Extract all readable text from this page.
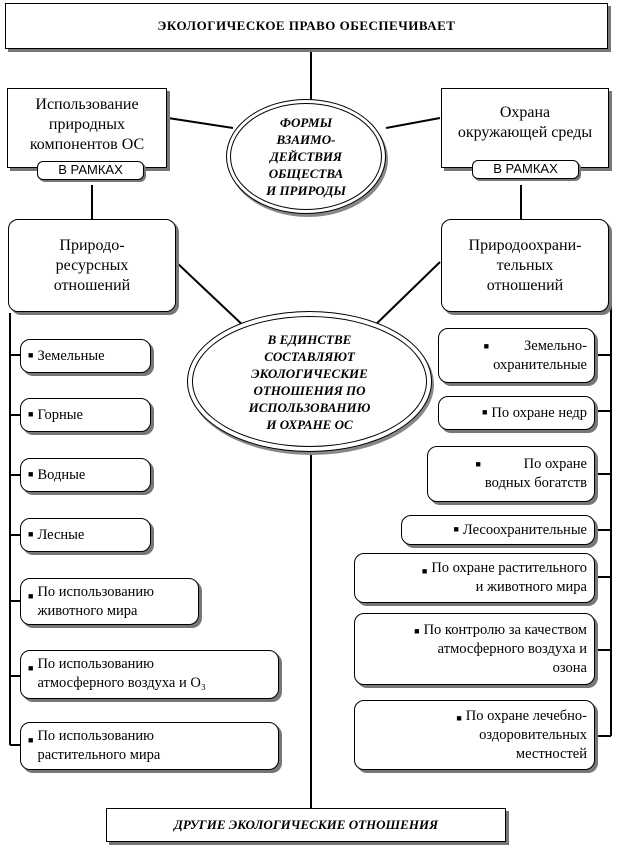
ЭКОЛОГИЧЕСКОЕ ПРАВО ОБЕСПЕЧИВАЕТ
Использование
природных
компонентов ОС
В РАМКАХ
Охрана
окружающей среды
В РАМКАХ
ФОРМЫ
ВЗАИМО-
ДЕЙСТВИЯ
ОБЩЕСТВА
И ПРИРОДЫ
Природо-
ресурсных
отношений
Природоохрани-
тельных
отношений
В ЕДИНСТВЕ
СОСТАВЛЯЮТ
ЭКОЛОГИЧЕСКИЕ
ОТНОШЕНИЯ ПО
ИСПОЛЬЗОВАНИЮ
И ОХРАНЕ ОС
■ Земельные
■ Горные
■ Водные
■ Лесные
■ По использованию
животного мира
■ По использованию
атмосферного воздуха и О₃
■ По использованию
растительного мира
■	Земельно-
охранительные
■ По охране недр
■	По охране
водных богатств
■ Лесоохранительные
■ По охране растительного
и животного мира
■ По контролю за качеством
атмосферного воздуха и
озона
■ По охране лечебно-
оздоровительных
местностей
ДРУГИЕ ЭКОЛОГИЧЕСКИЕ ОТНОШЕНИЯ
